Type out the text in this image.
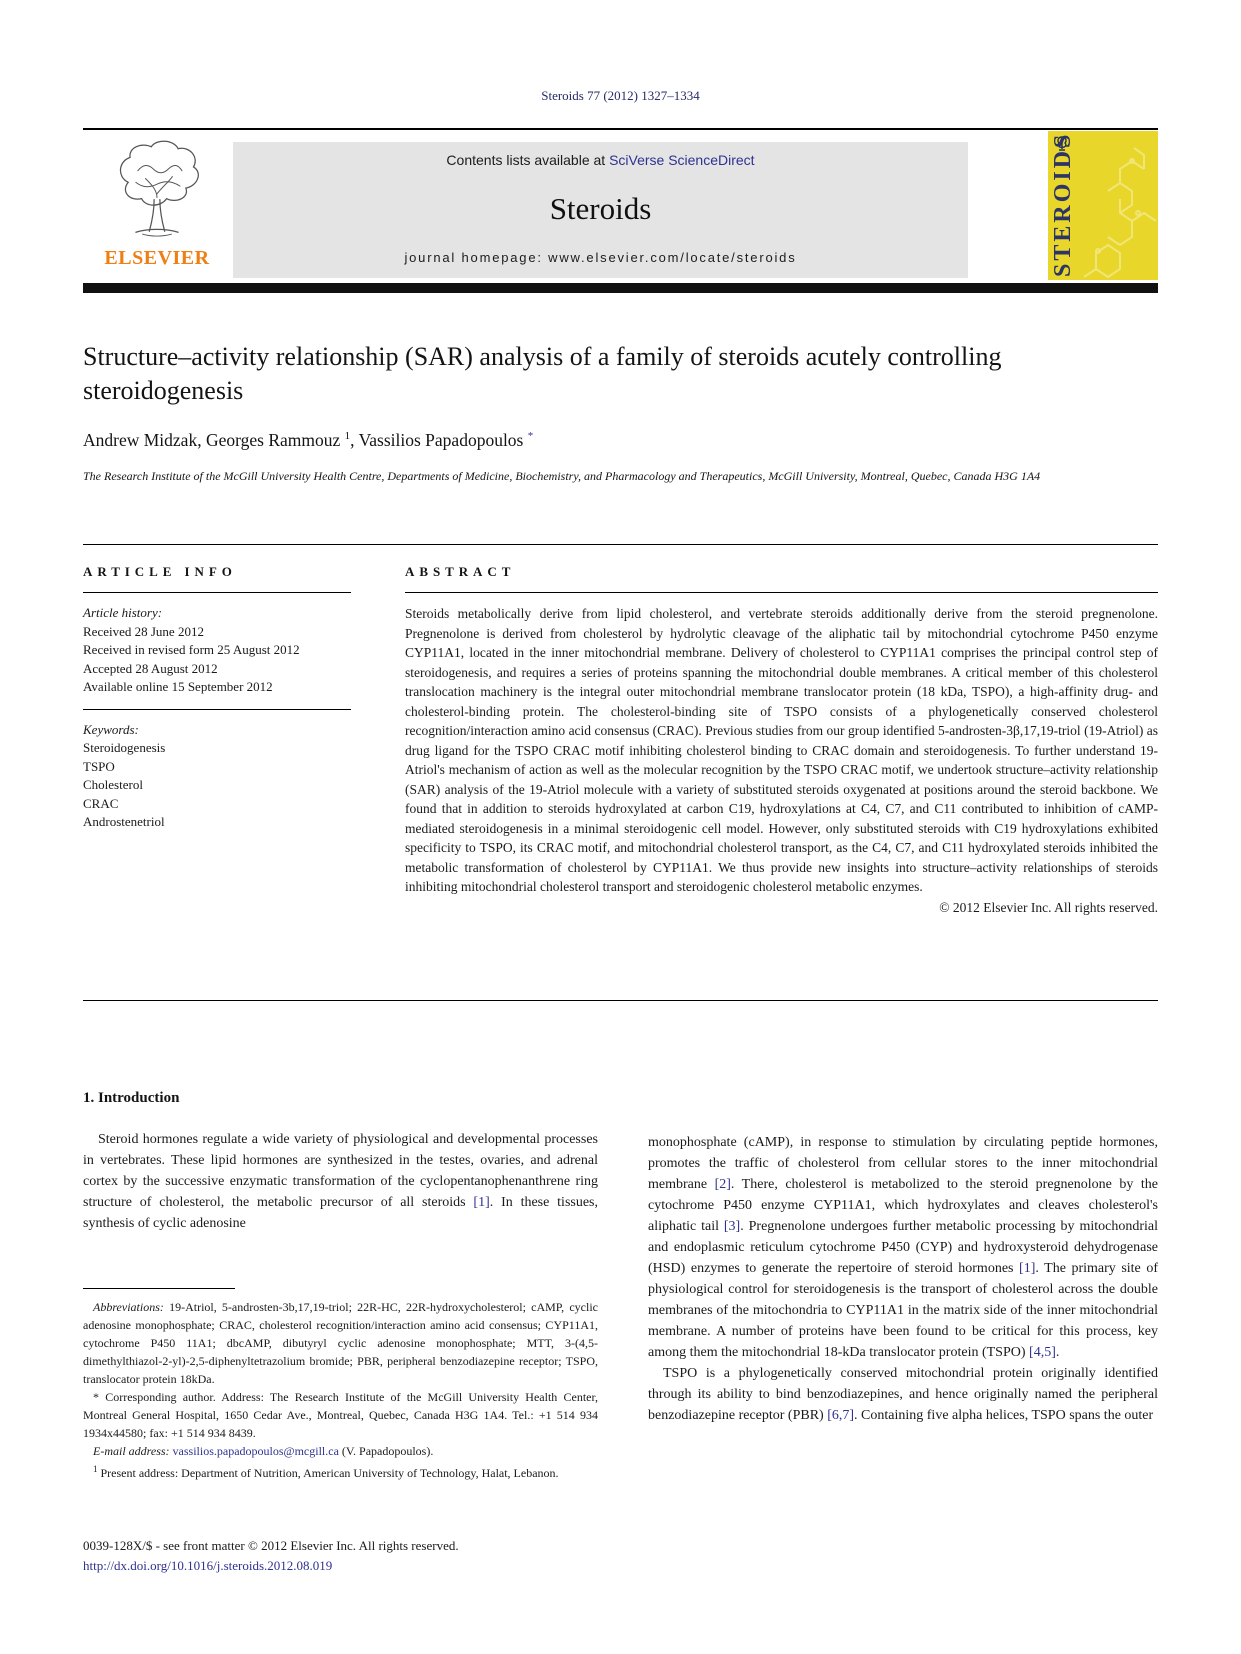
Steroids 77 (2012) 1327–1334
ELSEVIER
Contents lists available at SciVerse ScienceDirect
Steroids
journal homepage: www.elsevier.com/locate/steroids	STEROIDS
Structure–activity relationship (SAR) analysis of a family of steroids acutely controlling steroidogenesis
Andrew Midzak, Georges Rammouz $^1$, Vassilios Papadopoulos *
The Research Institute of the McGill University Health Centre, Departments of Medicine, Biochemistry, and Pharmacology and Therapeutics, McGill University, Montreal, Quebec, Canada H3G 1A4
ARTICLE INFO
Article history:
Received 28 June 2012
Received in revised form 25 August 2012
Accepted 28 August 2012
Available online 15 September 2012
Keywords:
Steroidogenesis
TSPO
Cholesterol
CRAC
Androstenetriol
ABSTRACT

Steroids metabolically derive from lipid cholesterol, and vertebrate steroids additionally derive from the steroid pregnenolone. Pregnenolone is derived from cholesterol by hydrolytic cleavage of the aliphatic tail by mitochondrial cytochrome P450 enzyme CYP11A1, located in the inner mitochondrial membrane. Delivery of cholesterol to CYP11A1 comprises the principal control step of steroidogenesis, and requires a series of proteins spanning the mitochondrial double membranes. A critical member of this cholesterol translocation machinery is the integral outer mitochondrial membrane translocator protein (18 kDa, TSPO), a high-affinity drug- and cholesterol-binding protein. The cholesterol-binding site of TSPO consists of a phylogenetically conserved cholesterol recognition/interaction amino acid consensus (CRAC). Previous studies from our group identified 5-androsten-3β,17,19-triol (19-Atriol) as drug ligand for the TSPO CRAC motif inhibiting cholesterol binding to CRAC domain and steroidogenesis. To further understand 19-Atriol's mechanism of action as well as the molecular recognition by the TSPO CRAC motif, we undertook structure–activity relationship (SAR) analysis of the 19-Atriol molecule with a variety of substituted steroids oxygenated at positions around the steroid backbone. We found that in addition to steroids hydroxylated at carbon C19, hydroxylations at C4, C7, and C11 contributed to inhibition of cAMP-mediated steroidogenesis in a minimal steroidogenic cell model. However, only substituted steroids with C19 hydroxylations exhibited specificity to TSPO, its CRAC motif, and mitochondrial cholesterol transport, as the C4, C7, and C11 hydroxylated steroids inhibited the metabolic transformation of cholesterol by CYP11A1. We thus provide new insights into structure–activity relationships of steroids inhibiting mitochondrial cholesterol transport and steroidogenic cholesterol metabolic enzymes.

© 2012 Elsevier Inc. All rights reserved.
1. Introduction

Steroid hormones regulate a wide variety of physiological and developmental processes in vertebrates. These lipid hormones are synthesized in the testes, ovaries, and adrenal cortex by the successive enzymatic transformation of the cyclopentanophenanthrene ring structure of cholesterol, the metabolic precursor of all steroids [1]. In these tissues, synthesis of cyclic adenosine

monophosphate (cAMP), in response to stimulation by circulating peptide hormones, promotes the traffic of cholesterol from cellular stores to the inner mitochondrial membrane [2]. There, cholesterol is metabolized to the steroid pregnenolone by the cytochrome P450 enzyme CYP11A1, which hydroxylates and cleaves cholesterol's aliphatic tail [3]. Pregnenolone undergoes further metabolic processing by mitochondrial and endoplasmic reticulum cytochrome P450 (CYP) and hydroxysteroid dehydrogenase (HSD) enzymes to generate the repertoire of steroid hormones [1]. The primary site of physiological control for steroidogenesis is the transport of cholesterol across the double membranes of the mitochondria to CYP11A1 in the matrix side of the inner mitochondrial membrane. A number of proteins have been found to be critical for this process, key among them the mitochondrial 18-kDa translocator protein (TSPO) [4,5].

TSPO is a phylogenetically conserved mitochondrial protein originally identified through its ability to bind benzodiazepines, and hence originally named the peripheral benzodiazepine receptor (PBR) [6,7]. Containing five alpha helices, TSPO spans the outer

Abbreviations: 19-Atriol, 5-androsten-3b,17,19-triol; 22R-HC, 22R-hydroxycholesterol; cAMP, cyclic adenosine monophosphate; CRAC, cholesterol recognition/interaction amino acid consensus; CYP11A1, cytochrome P450 11A1; dbcAMP, dibutyryl cyclic adenosine monophosphate; MTT, 3-(4,5-dimethylthiazol-2-yl)-2,5-diphenyltetrazolium bromide; PBR, peripheral benzodiazepine receptor; TSPO, translocator protein 18kDa.

* Corresponding author. Address: The Research Institute of the McGill University Health Center, Montreal General Hospital, 1650 Cedar Ave., Montreal, Quebec, Canada H3G 1A4. Tel.: +1 514 934 1934x44580; fax: +1 514 934 8439.

E-mail address: vassilios.papadopoulos@mcgill.ca (V. Papadopoulos).

$^1$ Present address: Department of Nutrition, American University of Technology, Halat, Lebanon.

0039-128X/$ - see front matter © 2012 Elsevier Inc. All rights reserved.
http://dx.doi.org/10.1016/j.steroids.2012.08.019
